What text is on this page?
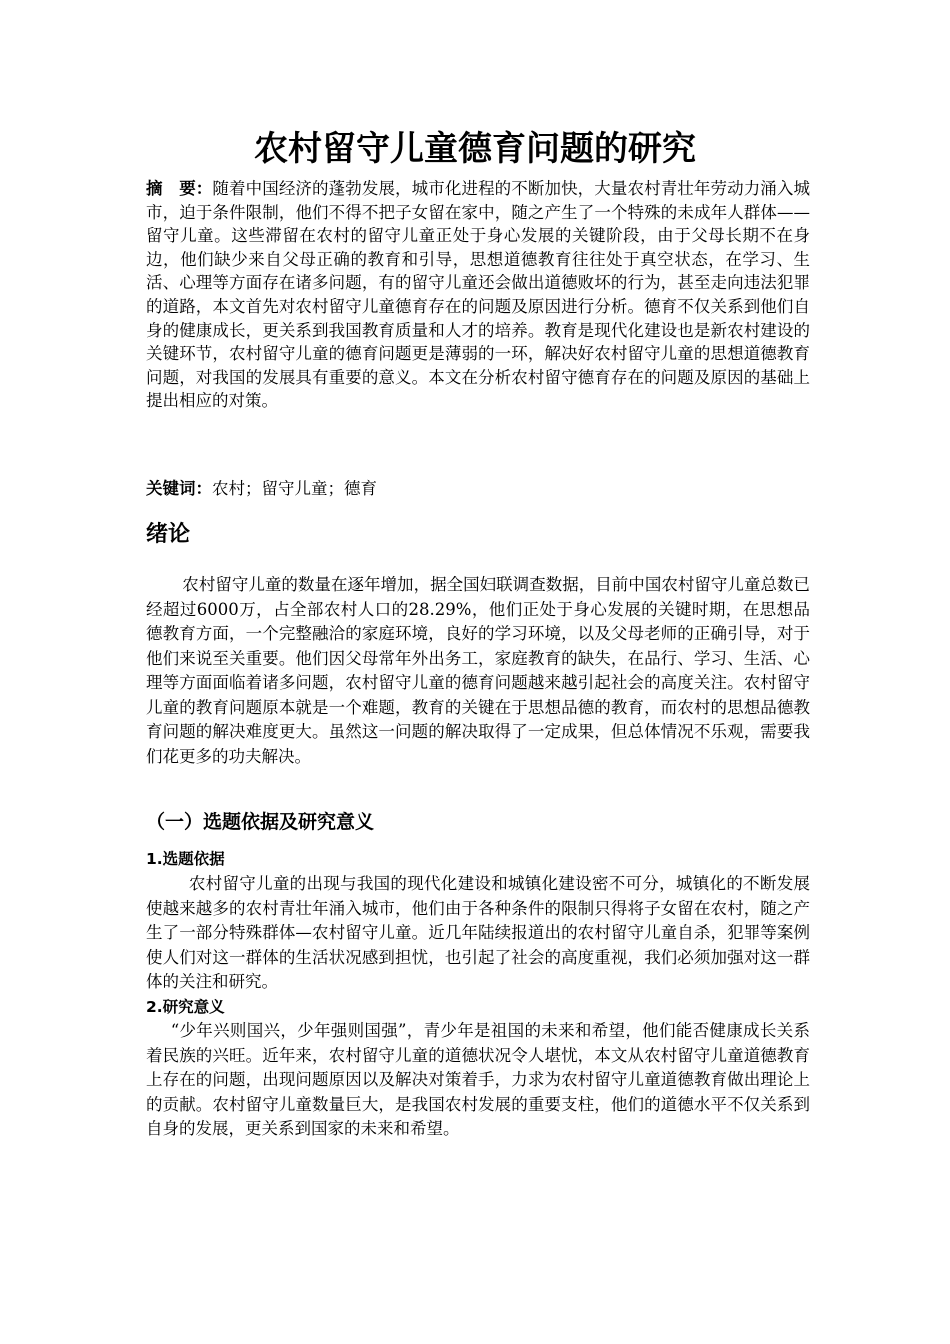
农村留守儿童德育问题的研究

摘　要：随着中国经济的蓬勃发展，城市化进程的不断加快，大量农村青壮年劳动力涌入城市，迫于条件限制，他们不得不把子女留在家中，随之产生了一个特殊的未成年人群体——留守儿童。这些滞留在农村的留守儿童正处于身心发展的关键阶段，由于父母长期不在身边，他们缺少来自父母正确的教育和引导，思想道德教育往往处于真空状态，在学习、生活、心理等方面存在诸多问题，有的留守儿童还会做出道德败坏的行为，甚至走向违法犯罪的道路，本文首先对农村留守儿童德育存在的问题及原因进行分析。德育不仅关系到他们自身的健康成长，更关系到我国教育质量和人才的培养。教育是现代化建设也是新农村建设的关键环节，农村留守儿童的德育问题更是薄弱的一环，解决好农村留守儿童的思想道德教育问题，对我国的发展具有重要的意义。本文在分析农村留守德育存在的问题及原因的基础上提出相应的对策。

关键词：农村；留守儿童；德育

绪论

农村留守儿童的数量在逐年增加，据全国妇联调查数据，目前中国农村留守儿童总数已经超过6000万，占全部农村人口的28.29%，他们正处于身心发展的关键时期，在思想品德教育方面，一个完整融洽的家庭环境，良好的学习环境，以及父母老师的正确引导，对于他们来说至关重要。他们因父母常年外出务工，家庭教育的缺失，在品行、学习、生活、心理等方面面临着诸多问题，农村留守儿童的德育问题越来越引起社会的高度关注。农村留守儿童的教育问题原本就是一个难题，教育的关键在于思想品德的教育，而农村的思想品德教育问题的解决难度更大。虽然这一问题的解决取得了一定成果，但总体情况不乐观，需要我们花更多的功夫解决。

（一）选题依据及研究意义
1.选题依据

农村留守儿童的出现与我国的现代化建设和城镇化建设密不可分，城镇化的不断发展使越来越多的农村青壮年涌入城市，他们由于各种条件的限制只得将子女留在农村，随之产生了一部分特殊群体—农村留守儿童。近几年陆续报道出的农村留守儿童自杀，犯罪等案例使人们对这一群体的生活状况感到担忧，也引起了社会的高度重视，我们必须加强对这一群体的关注和研究。

2.研究意义

“少年兴则国兴，少年强则国强”，青少年是祖国的未来和希望，他们能否健康成长关系着民族的兴旺。近年来，农村留守儿童的道德状况令人堪忧，本文从农村留守儿童道德教育上存在的问题，出现问题原因以及解决对策着手，力求为农村留守儿童道德教育做出理论上的贡献。农村留守儿童数量巨大，是我国农村发展的重要支柱，他们的道德水平不仅关系到自身的发展，更关系到国家的未来和希望。
